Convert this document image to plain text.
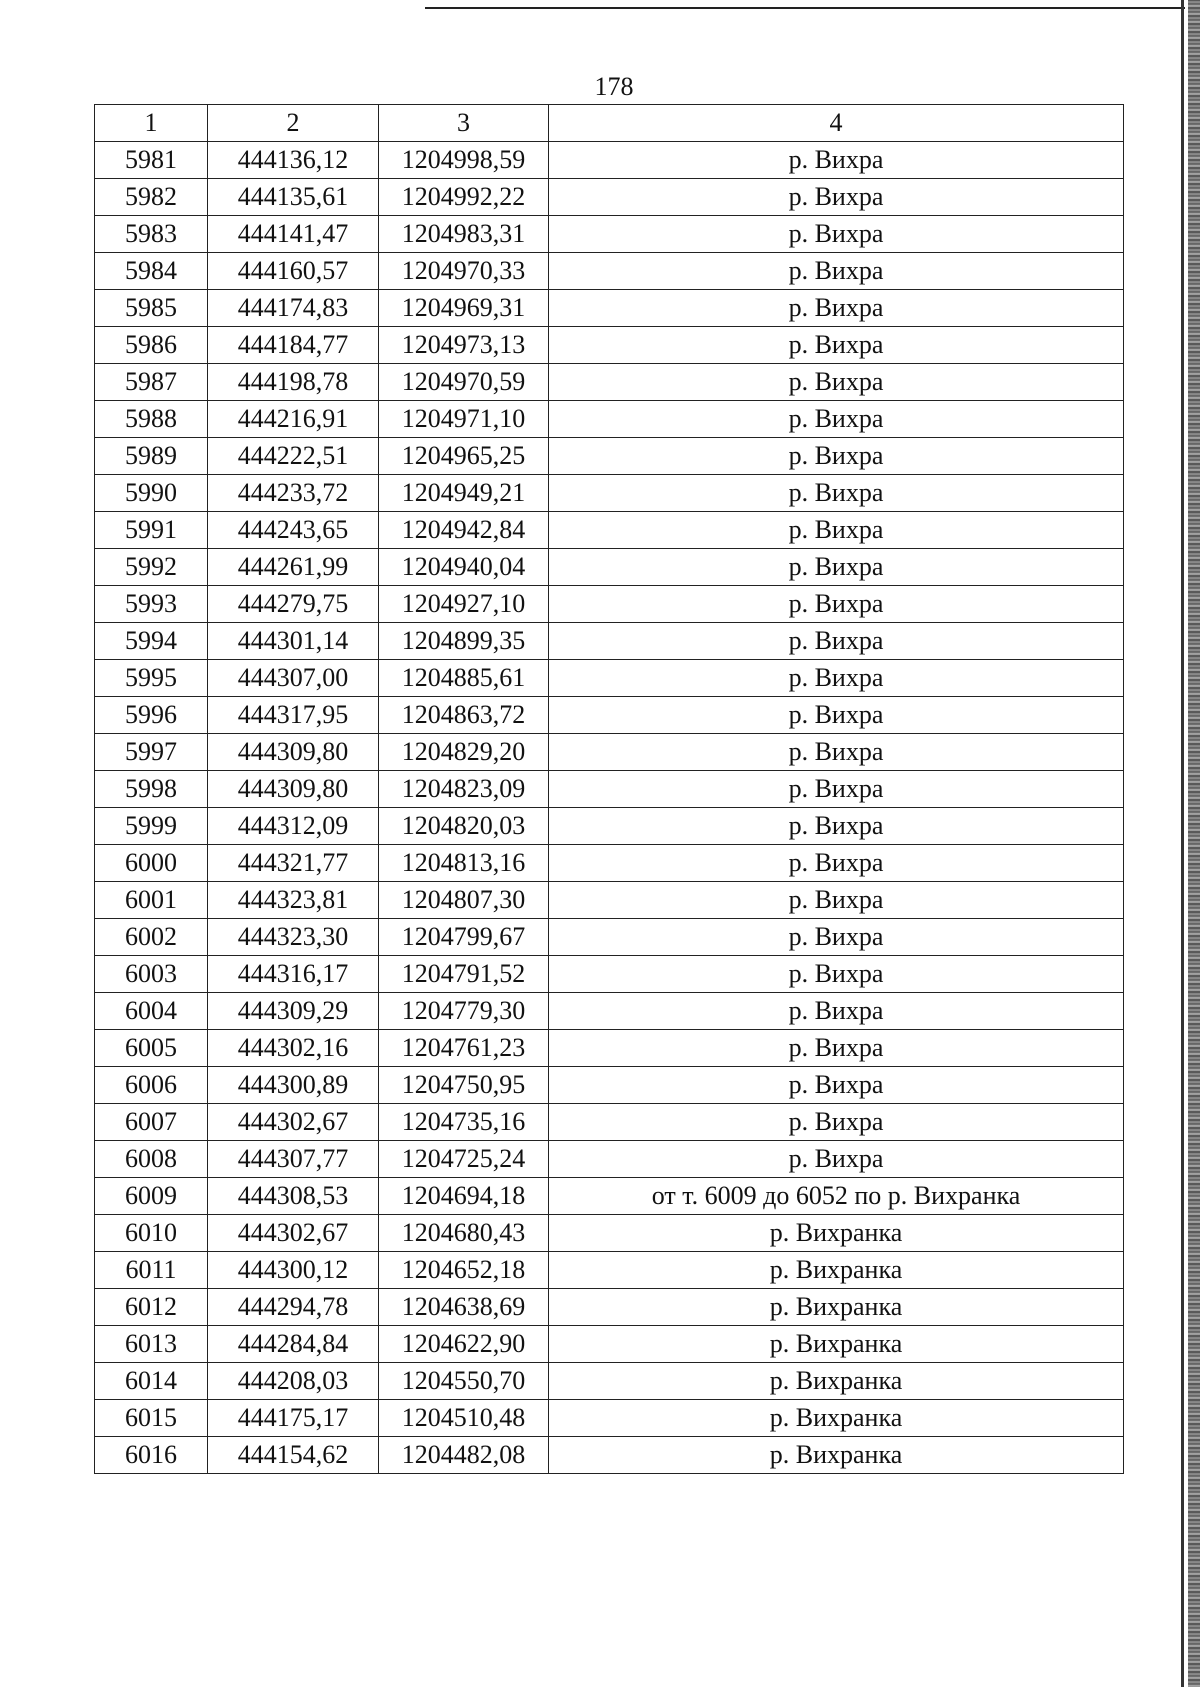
178
1	2	3	4
5981	444136,12	1204998,59	р. Вихра
5982	444135,61	1204992,22	р. Вихра
5983	444141,47	1204983,31	р. Вихра
5984	444160,57	1204970,33	р. Вихра
5985	444174,83	1204969,31	р. Вихра
5986	444184,77	1204973,13	р. Вихра
5987	444198,78	1204970,59	р. Вихра
5988	444216,91	1204971,10	р. Вихра
5989	444222,51	1204965,25	р. Вихра
5990	444233,72	1204949,21	р. Вихра
5991	444243,65	1204942,84	р. Вихра
5992	444261,99	1204940,04	р. Вихра
5993	444279,75	1204927,10	р. Вихра
5994	444301,14	1204899,35	р. Вихра
5995	444307,00	1204885,61	р. Вихра
5996	444317,95	1204863,72	р. Вихра
5997	444309,80	1204829,20	р. Вихра
5998	444309,80	1204823,09	р. Вихра
5999	444312,09	1204820,03	р. Вихра
6000	444321,77	1204813,16	р. Вихра
6001	444323,81	1204807,30	р. Вихра
6002	444323,30	1204799,67	р. Вихра
6003	444316,17	1204791,52	р. Вихра
6004	444309,29	1204779,30	р. Вихра
6005	444302,16	1204761,23	р. Вихра
6006	444300,89	1204750,95	р. Вихра
6007	444302,67	1204735,16	р. Вихра
6008	444307,77	1204725,24	р. Вихра
6009	444308,53	1204694,18	от т. 6009 до 6052 по р. Вихранка
6010	444302,67	1204680,43	р. Вихранка
6011	444300,12	1204652,18	р. Вихранка
6012	444294,78	1204638,69	р. Вихранка
6013	444284,84	1204622,90	р. Вихранка
6014	444208,03	1204550,70	р. Вихранка
6015	444175,17	1204510,48	р. Вихранка
6016	444154,62	1204482,08	р. Вихранка
